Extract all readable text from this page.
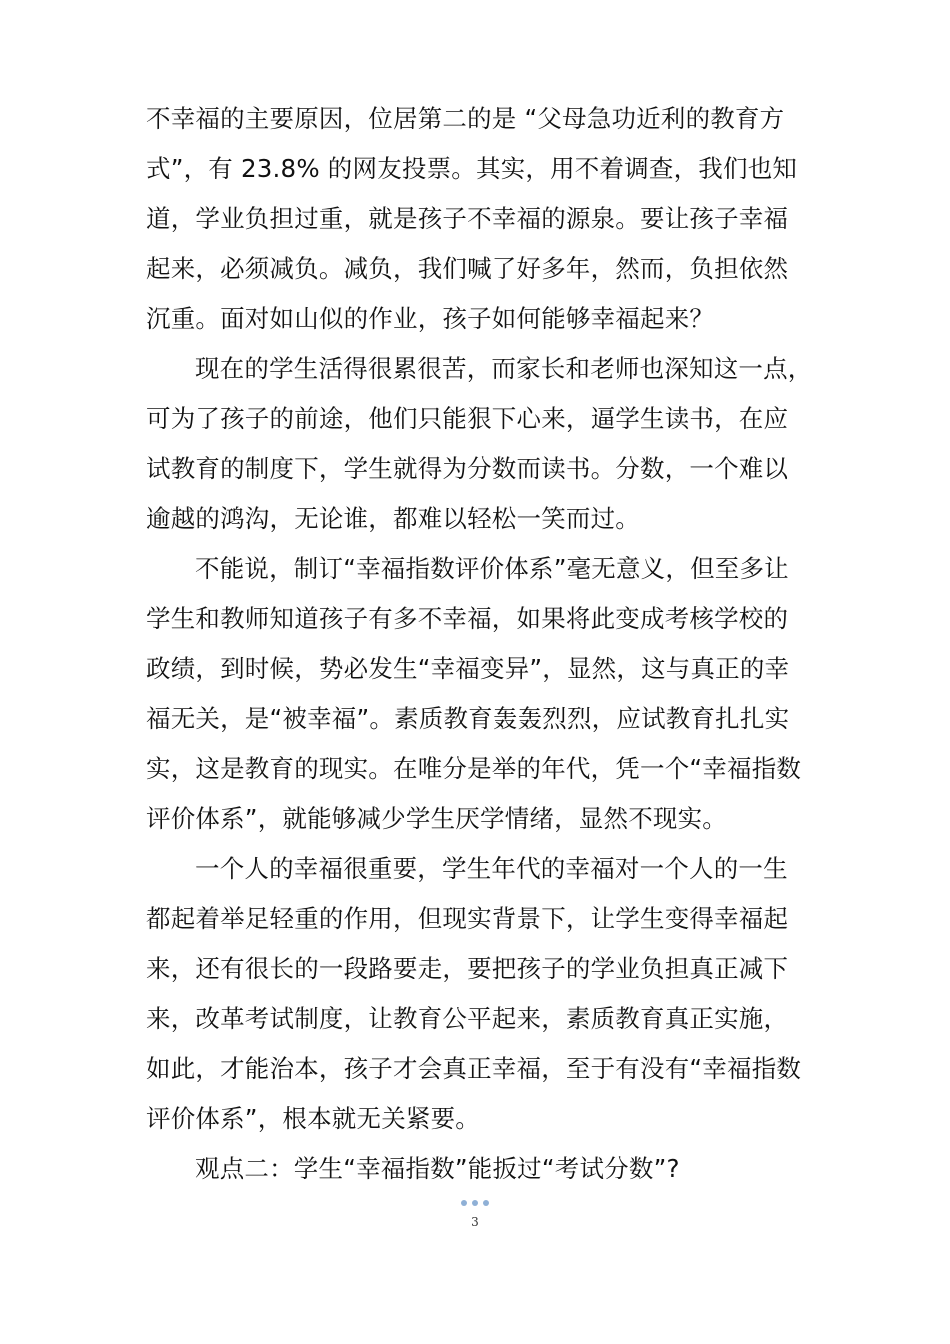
不幸福的主要原因，位居第二的是 “父母急功近利的教育方
式”，有 23.8% 的网友投票。其实，用不着调查，我们也知
道，学业负担过重，就是孩子不幸福的源泉。要让孩子幸福
起来，必须减负。减负，我们喊了好多年，然而，负担依然
沉重。面对如山似的作业，孩子如何能够幸福起来？
现在的学生活得很累很苦，而家长和老师也深知这一点，
可为了孩子的前途，他们只能狠下心来，逼学生读书，在应
试教育的制度下，学生就得为分数而读书。分数，一个难以
逾越的鸿沟，无论谁，都难以轻松一笑而过。
不能说，制订“幸福指数评价体系”毫无意义，但至多让
学生和教师知道孩子有多不幸福，如果将此变成考核学校的
政绩，到时候，势必发生“幸福变异”，显然，这与真正的幸
福无关，是“被幸福”。素质教育轰轰烈烈，应试教育扎扎实
实，这是教育的现实。在唯分是举的年代，凭一个“幸福指数
评价体系”，就能够减少学生厌学情绪，显然不现实。
一个人的幸福很重要，学生年代的幸福对一个人的一生
都起着举足轻重的作用，但现实背景下，让学生变得幸福起
来，还有很长的一段路要走，要把孩子的学业负担真正减下
来，改革考试制度，让教育公平起来，素质教育真正实施，
如此，才能治本，孩子才会真正幸福，至于有没有“幸福指数
评价体系”，根本就无关紧要。
观点二：学生“幸福指数”能扳过“考试分数”?
3
